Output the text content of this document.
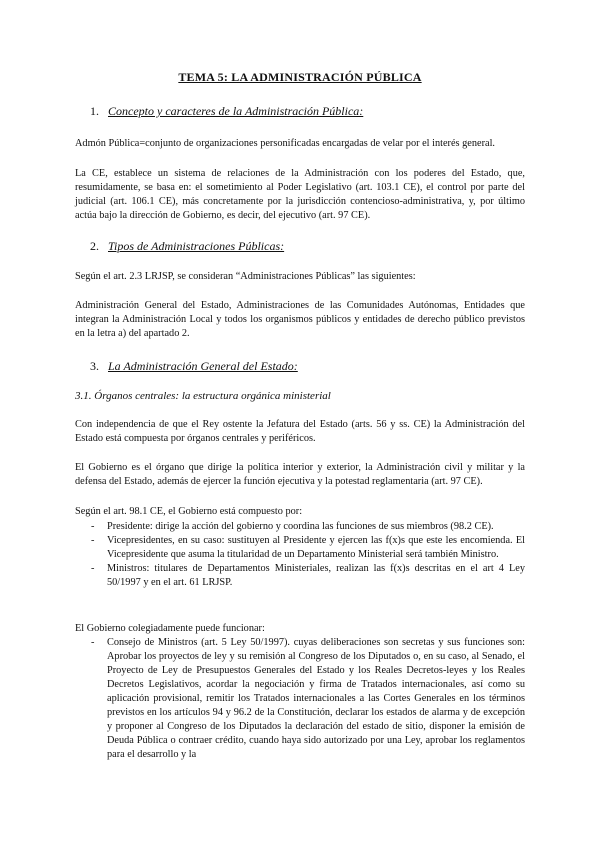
TEMA 5: LA ADMINISTRACIÓN PÚBLICA
1. Concepto y caracteres de la Administración Pública:
Admón Pública=conjunto de organizaciones personificadas encargadas de velar por el interés general.
La CE, establece un sistema de relaciones de la Administración con los poderes del Estado, que, resumidamente, se basa en: el sometimiento al Poder Legislativo (art. 103.1 CE), el control por parte del judicial (art. 106.1 CE), más concretamente por la jurisdicción contencioso-administrativa, y, por último actúa bajo la dirección de Gobierno, es decir, del ejecutivo (art. 97 CE).
2. Tipos de Administraciones Públicas:
Según el art. 2.3 LRJSP, se consideran “Administraciones Públicas” las siguientes:
Administración General del Estado, Administraciones de las Comunidades Autónomas, Entidades que integran la Administración Local y todos los organismos públicos y entidades de derecho público previstos en la letra a) del apartado 2.
3. La Administración General del Estado:
3.1. Órganos centrales: la estructura orgánica ministerial
Con independencia de que el Rey ostente la Jefatura del Estado (arts. 56 y ss. CE) la Administración del Estado está compuesta por órganos centrales y periféricos.
El Gobierno es el órgano que dirige la política interior y exterior, la Administración civil y militar y la defensa del Estado, además de ejercer la función ejecutiva y la potestad reglamentaria (art. 97 CE).
Según el art. 98.1 CE, el Gobierno está compuesto por:
- Presidente: dirige la acción del gobierno y coordina las funciones de sus miembros (98.2 CE).
- Vicepresidentes, en su caso: sustituyen al Presidente y ejercen las f(x)s que este les encomienda. El Vicepresidente que asuma la titularidad de un Departamento Ministerial será también Ministro.
- Ministros: titulares de Departamentos Ministeriales, realizan las f(x)s descritas en el art 4 Ley 50/1997 y en el art. 61 LRJSP.
El Gobierno colegiadamente puede funcionar:
- Consejo de Ministros (art. 5 Ley 50/1997). cuyas deliberaciones son secretas y sus funciones son: Aprobar los proyectos de ley y su remisión al Congreso de los Diputados o, en su caso, al Senado, el Proyecto de Ley de Presupuestos Generales del Estado y los Reales Decretos-leyes y los Reales Decretos Legislativos, acordar la negociación y firma de Tratados internacionales, así como su aplicación provisional, remitir los Tratados internacionales a las Cortes Generales en los términos previstos en los artículos 94 y 96.2 de la Constitución, declarar los estados de alarma y de excepción y proponer al Congreso de los Diputados la declaración del estado de sitio, disponer la emisión de Deuda Pública o contraer crédito, cuando haya sido autorizado por una Ley, aprobar los reglamentos para el desarrollo y la
